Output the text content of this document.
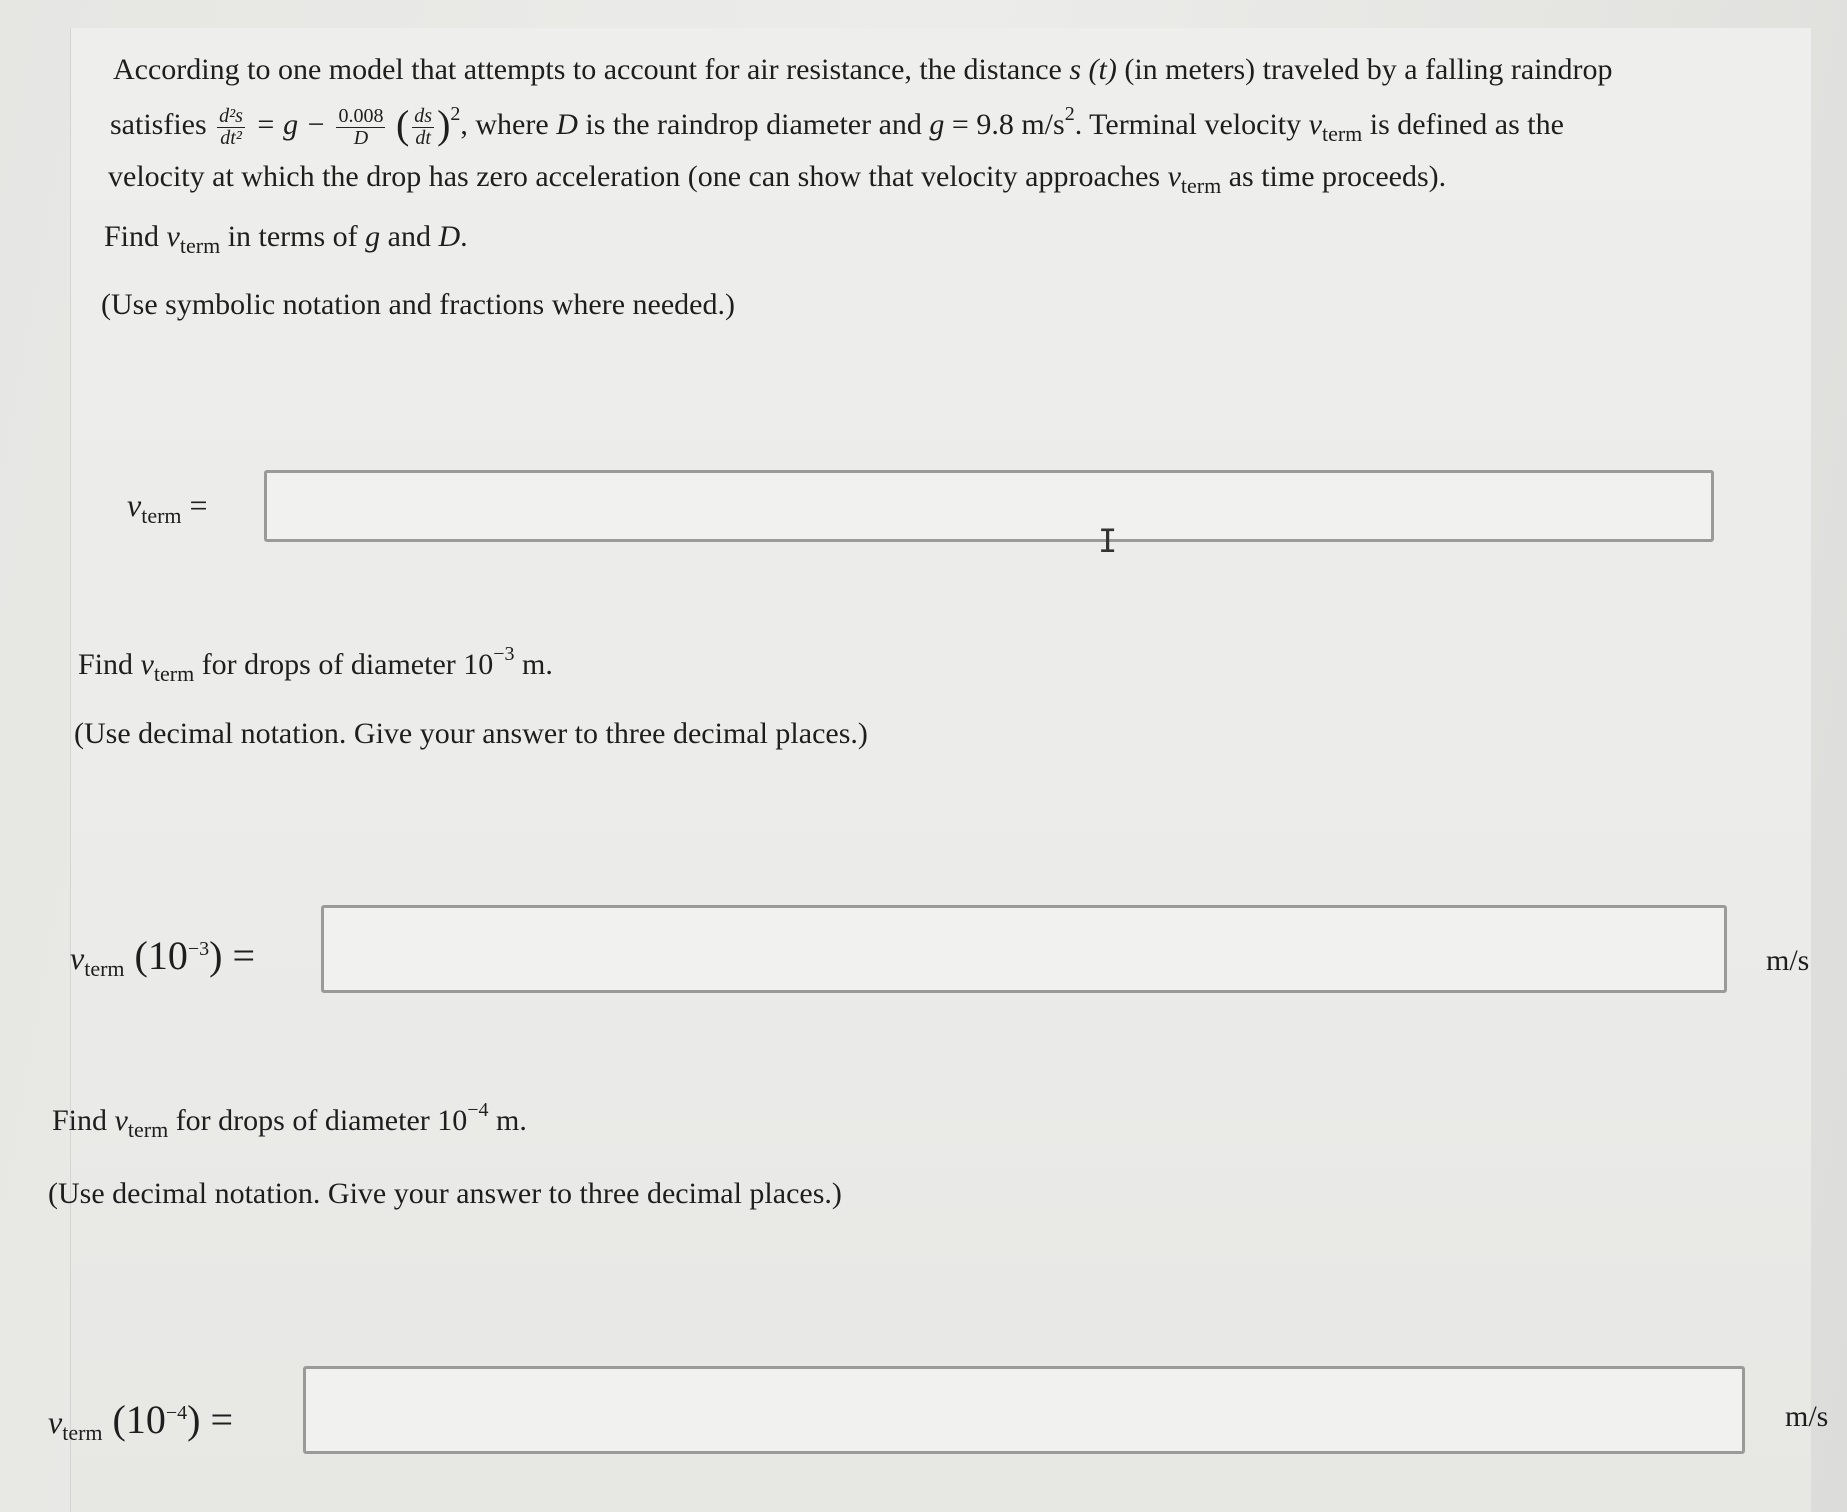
According to one model that attempts to account for air resistance, the distance s (t) (in meters) traveled by a falling raindrop
satisfies $\frac{\text{d²s}}{\text{dt²}} = g - \frac{0.008}{D}$ ( $\frac{ds}{dt} )^2$, where D is the raindrop diameter and g = 9.8 $m/s^2$. Terminal velocity $v_{term}$ is defined as the
velocity at which the drop has zero acceleration (one can show that velocity approaches $v_{term}$ as time proceeds).
Find $v_{term}$ in terms of g and D.
(Use symbolic notation and fractions where needed.)
$v_{term}$ =
I
Find $v_{term}$ for drops of diameter $10^{-3}$ m.
(Use decimal notation. Give your answer to three decimal places.)
$v_{term}$ $(10^{-3})$ =	m/s
Find $v_{term}$ for drops of diameter $10^{-4}$ m.
(Use decimal notation. Give your answer to three decimal places.)
$v_{term}$ $(10^{-4})$ =	m/s
